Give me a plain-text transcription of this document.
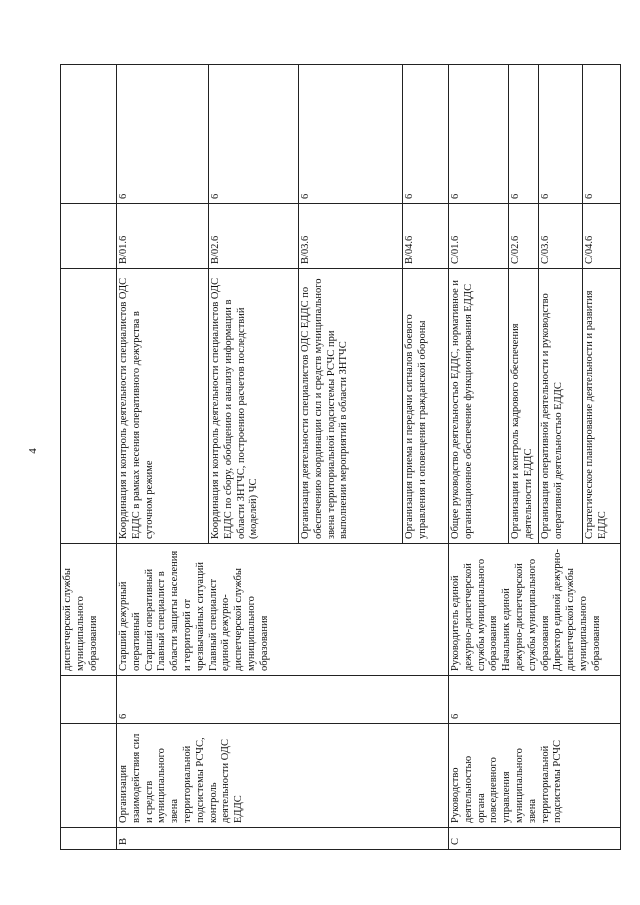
4
			диспетчерской службы муниципального образования			
В	Организация взаимодействия сил и средств муниципального звена территориальной подсистемы РСЧС, контроль деятельности ОДС ЕДДС	6	Старший дежурный оперативный Старший оперативный Главный специалист в области защиты населения и территорий от чрезвычайных ситуаций Главный специалист единой дежурно-диспетчерской службы муниципального образования	Координация и контроль деятельности специалистов ОДС ЕДДС в рамках несения оперативного дежурства в суточном режиме	B/01.6	6
				Координация и контроль деятельности специалистов ОДС ЕДДС по сбору, обобщению и анализу информации в области ЗНТЧС, построению расчетов последствий (моделей) ЧС	B/02.6	6
				Организация деятельности специалистов ОДС ЕДДС по обеспечению координации сил и средств муниципального звена территориальной подсистемы РСЧС при выполнении мероприятий в области ЗНТЧС	B/03.6	6
				Организация приема и передачи сигналов боевого управления и оповещения гражданской обороны	B/04.6	6
С	Руководство деятельностью органа повседневного управления муниципального звена территориальной подсистемы РСЧС	6	Руководитель единой дежурно-диспетчерской службы муниципального образования Начальник единой дежурно-диспетчерской службы муниципального образования Директор единой дежурно-диспетчерской службы муниципального образования	Общее руководство деятельностью ЕДДС, нормативное и организационное обеспечение функционирования ЕДДС	C/01.6	6
				Организация и контроль кадрового обеспечения деятельности ЕДДС	C/02.6	6
				Организация оперативной деятельности и руководство оперативной деятельностью ЕДДС	C/03.6	6
				Стратегическое планирование деятельности и развития ЕДДС	C/04.6	6
